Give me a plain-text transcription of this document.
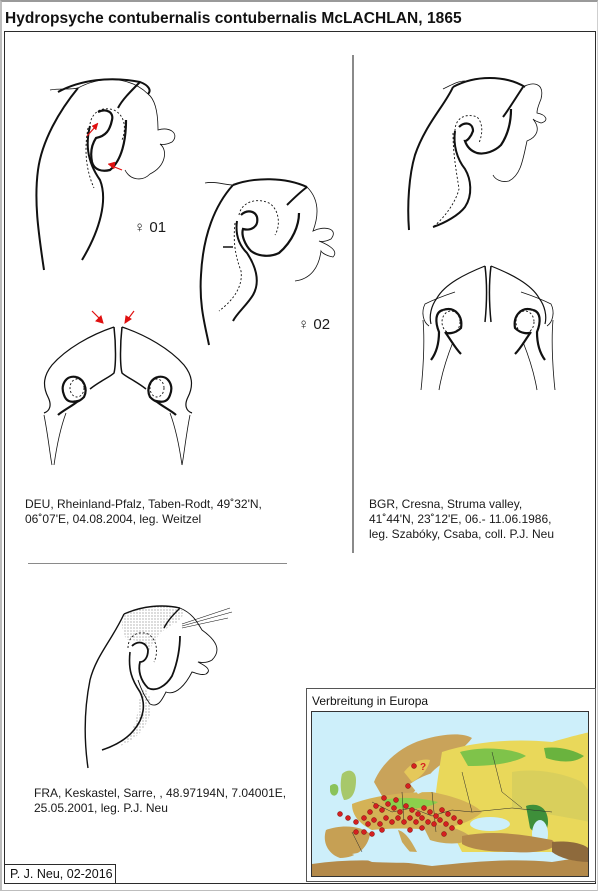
Hydropsyche contubernalis contubernalis McLACHLAN, 1865
♀ 01
♀ 02
DEU, Rheinland-Pfalz, Taben-Rodt, 49˚32'N,
06˚07'E, 04.08.2004, leg. Weitzel
BGR, Cresna, Struma valley,
41˚44'N, 23˚12'E, 06.- 11.06.1986,
leg. Szabóky, Csaba, coll. P.J. Neu
FRA, Keskastel, Sarre, , 48.97194N, 7.04001E,
25.05.2001, leg. P.J. Neu
Verbreitung in Europa
?
P. J. Neu, 02-2016
